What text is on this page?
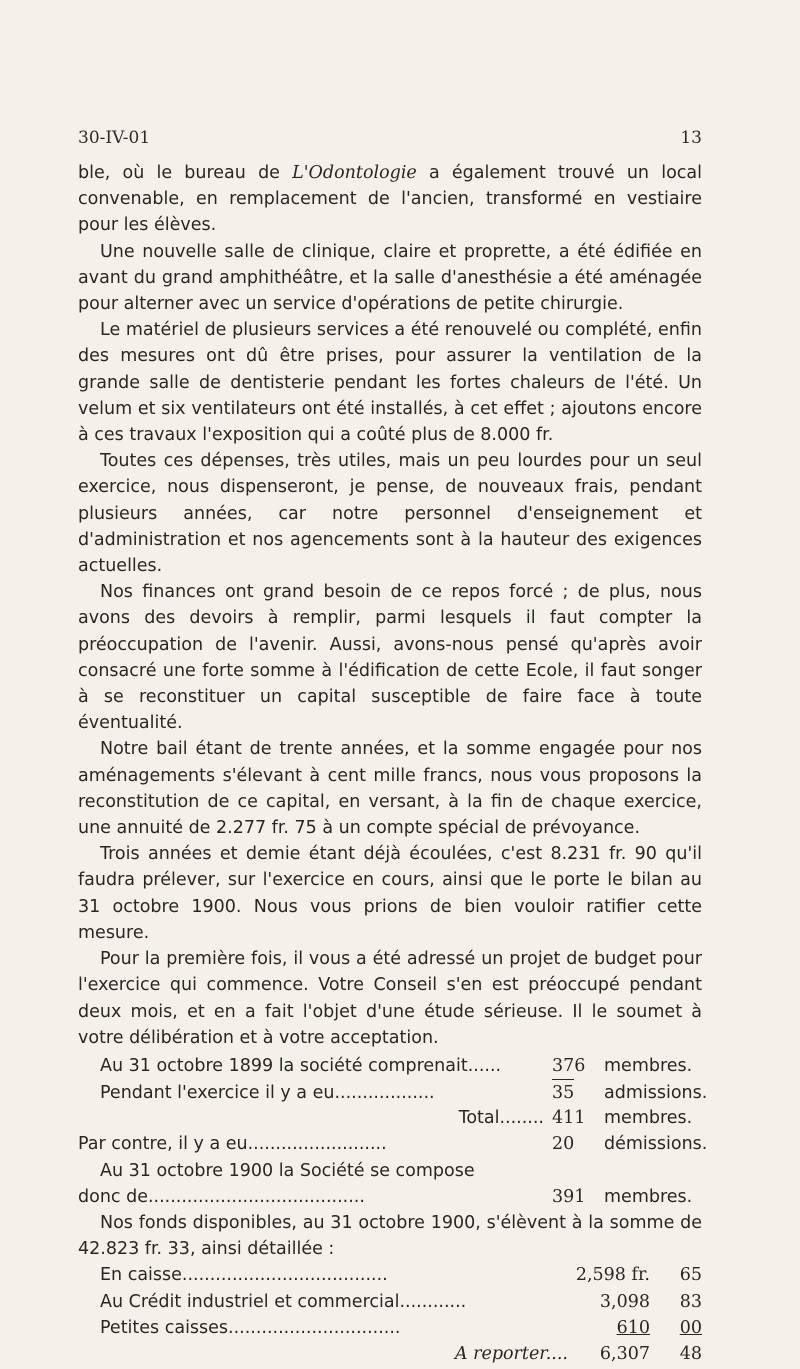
30-IV-01	13

ble, où le bureau de L'Odontologie a également trouvé un local convenable, en remplacement de l'ancien, transformé en vestiaire pour les élèves.

Une nouvelle salle de clinique, claire et proprette, a été édifiée en avant du grand amphithéâtre, et la salle d'anesthésie a été aménagée pour alterner avec un service d'opérations de petite chirurgie.

Le matériel de plusieurs services a été renouvelé ou complété, enfin des mesures ont dû être prises, pour assurer la ventilation de la grande salle de dentisterie pendant les fortes chaleurs de l'été. Un velum et six ventilateurs ont été installés, à cet effet ; ajoutons encore à ces travaux l'exposition qui a coûté plus de 8.000 fr.

Toutes ces dépenses, très utiles, mais un peu lourdes pour un seul exercice, nous dispenseront, je pense, de nouveaux frais, pendant plusieurs années, car notre personnel d'enseignement et d'administration et nos agencements sont à la hauteur des exigences actuelles.

Nos finances ont grand besoin de ce repos forcé ; de plus, nous avons des devoirs à remplir, parmi lesquels il faut compter la préoccupation de l'avenir. Aussi, avons-nous pensé qu'après avoir consacré une forte somme à l'édification de cette Ecole, il faut songer à se reconstituer un capital susceptible de faire face à toute éventualité.

Notre bail étant de trente années, et la somme engagée pour nos aménagements s'élevant à cent mille francs, nous vous proposons la reconstitution de ce capital, en versant, à la fin de chaque exercice, une annuité de 2.277 fr. 75 à un compte spécial de prévoyance.

Trois années et demie étant déjà écoulées, c'est 8.231 fr. 90 qu'il faudra prélever, sur l'exercice en cours, ainsi que le porte le bilan au 31 octobre 1900. Nous vous prions de bien vouloir ratifier cette mesure.

Pour la première fois, il vous a été adressé un projet de budget pour l'exercice qui commence. Votre Conseil s'en est préoccupé pendant deux mois, et en a fait l'objet d'une étude sérieuse. Il le soumet à votre délibération et à votre acceptation.

Au 31 octobre 1899 la société comprenait......	376	membres.
Pendant l'exercice il y a eu..................	35	admissions.
Total........ 411	membres.
Par contre, il y a eu.........................	20	démissions.
Au 31 octobre 1900 la Société se compose
donc de.......................................	391	membres.

Nos fonds disponibles, au 31 octobre 1900, s'élèvent à la somme de 42.823 fr. 33, ainsi détaillée :

En caisse.....................................	2,598 fr.	65
Au Crédit industriel et commercial............	3,098	83
Petites caisses...............................	610	00
A reporter....	6,307	48
